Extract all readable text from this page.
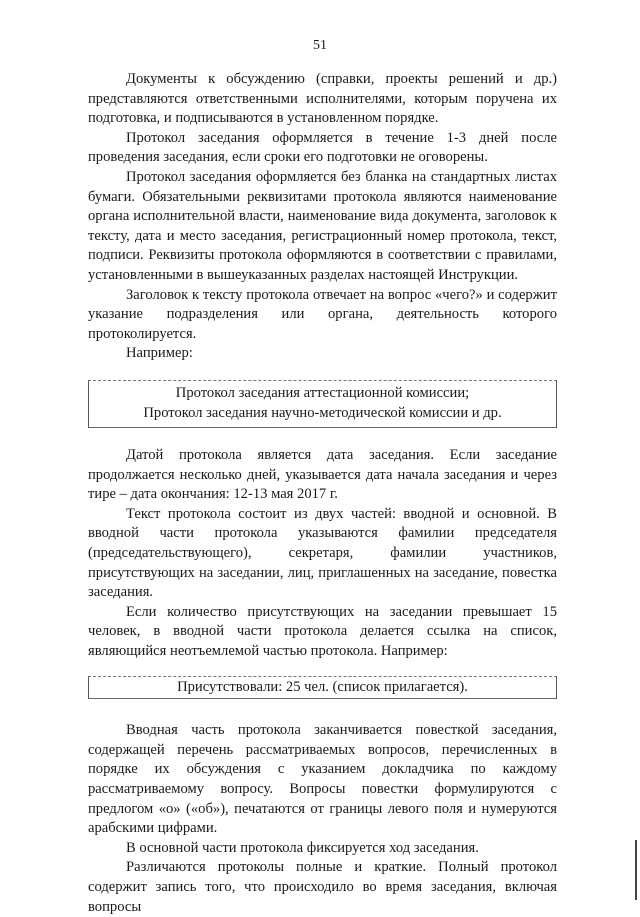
51

Документы к обсуждению (справки, проекты решений и др.) представляются ответственными исполнителями, которым поручена их подготовка, и подписываются в установленном порядке.

Протокол заседания оформляется в течение 1-3 дней после проведения заседания, если сроки его подготовки не оговорены.

Протокол заседания оформляется без бланка на стандартных листах бумаги. Обязательными реквизитами протокола являются наименование органа исполнительной власти, наименование вида документа, заголовок к тексту, дата и место заседания, регистрационный номер протокола, текст, подписи. Реквизиты протокола оформляются в соответствии с правилами, установленными в вышеуказанных разделах настоящей Инструкции.

Заголовок к тексту протокола отвечает на вопрос «чего?» и содержит указание подразделения или органа, деятельность которого протоколируется.

Например:

Протокол заседания аттестационной комиссии;
Протокол заседания научно-методической комиссии и др.

Датой протокола является дата заседания. Если заседание продолжается несколько дней, указывается дата начала заседания и через тире – дата окончания: 12-13 мая 2017 г.

Текст протокола состоит из двух частей: вводной и основной. В вводной части протокола указываются фамилии председателя (председательствующего), секретаря, фамилии участников, присутствующих на заседании, лиц, приглашенных на заседание, повестка заседания.

Если количество присутствующих на заседании превышает 15 человек, в вводной части протокола делается ссылка на список, являющийся неотъемлемой частью протокола. Например:

Присутствовали: 25 чел. (список прилагается).

Вводная часть протокола заканчивается повесткой заседания, содержащей перечень рассматриваемых вопросов, перечисленных в порядке их обсуждения с указанием докладчика по каждому рассматриваемому вопросу. Вопросы повестки формулируются с предлогом «о» («об»), печатаются от границы левого поля и нумеруются арабскими цифрами.

В основной части протокола фиксируется ход заседания.

Различаются протоколы полные и краткие. Полный протокол содержит запись того, что происходило во время заседания, включая вопросы
